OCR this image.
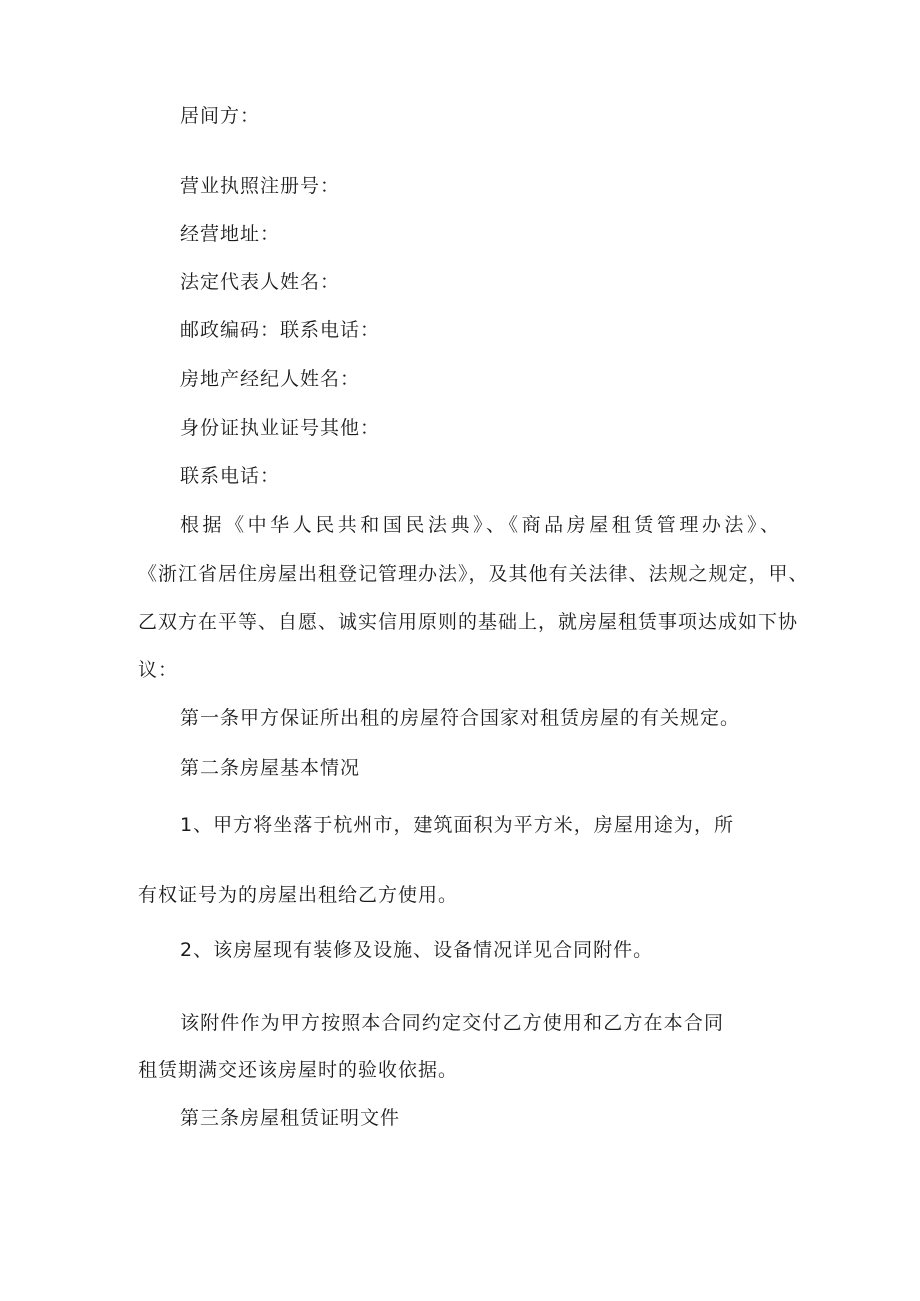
居间方：
营业执照注册号：
经营地址：
法定代表人姓名：
邮政编码：联系电话：
房地产经纪人姓名：
身份证执业证号其他：
联系电话：
根据《中华人民共和国民法典》、《商品房屋租赁管理办法》、
《浙江省居住房屋出租登记管理办法》，及其他有关法律、法规之规定，甲、
乙双方在平等、自愿、诚实信用原则的基础上，就房屋租赁事项达成如下协
议：
第一条甲方保证所出租的房屋符合国家对租赁房屋的有关规定。
第二条房屋基本情况
1、甲方将坐落于杭州市，建筑面积为平方米，房屋用途为，所
有权证号为的房屋出租给乙方使用。
2、该房屋现有装修及设施、设备情况详见合同附件。
该附件作为甲方按照本合同约定交付乙方使用和乙方在本合同
租赁期满交还该房屋时的验收依据。
第三条房屋租赁证明文件
